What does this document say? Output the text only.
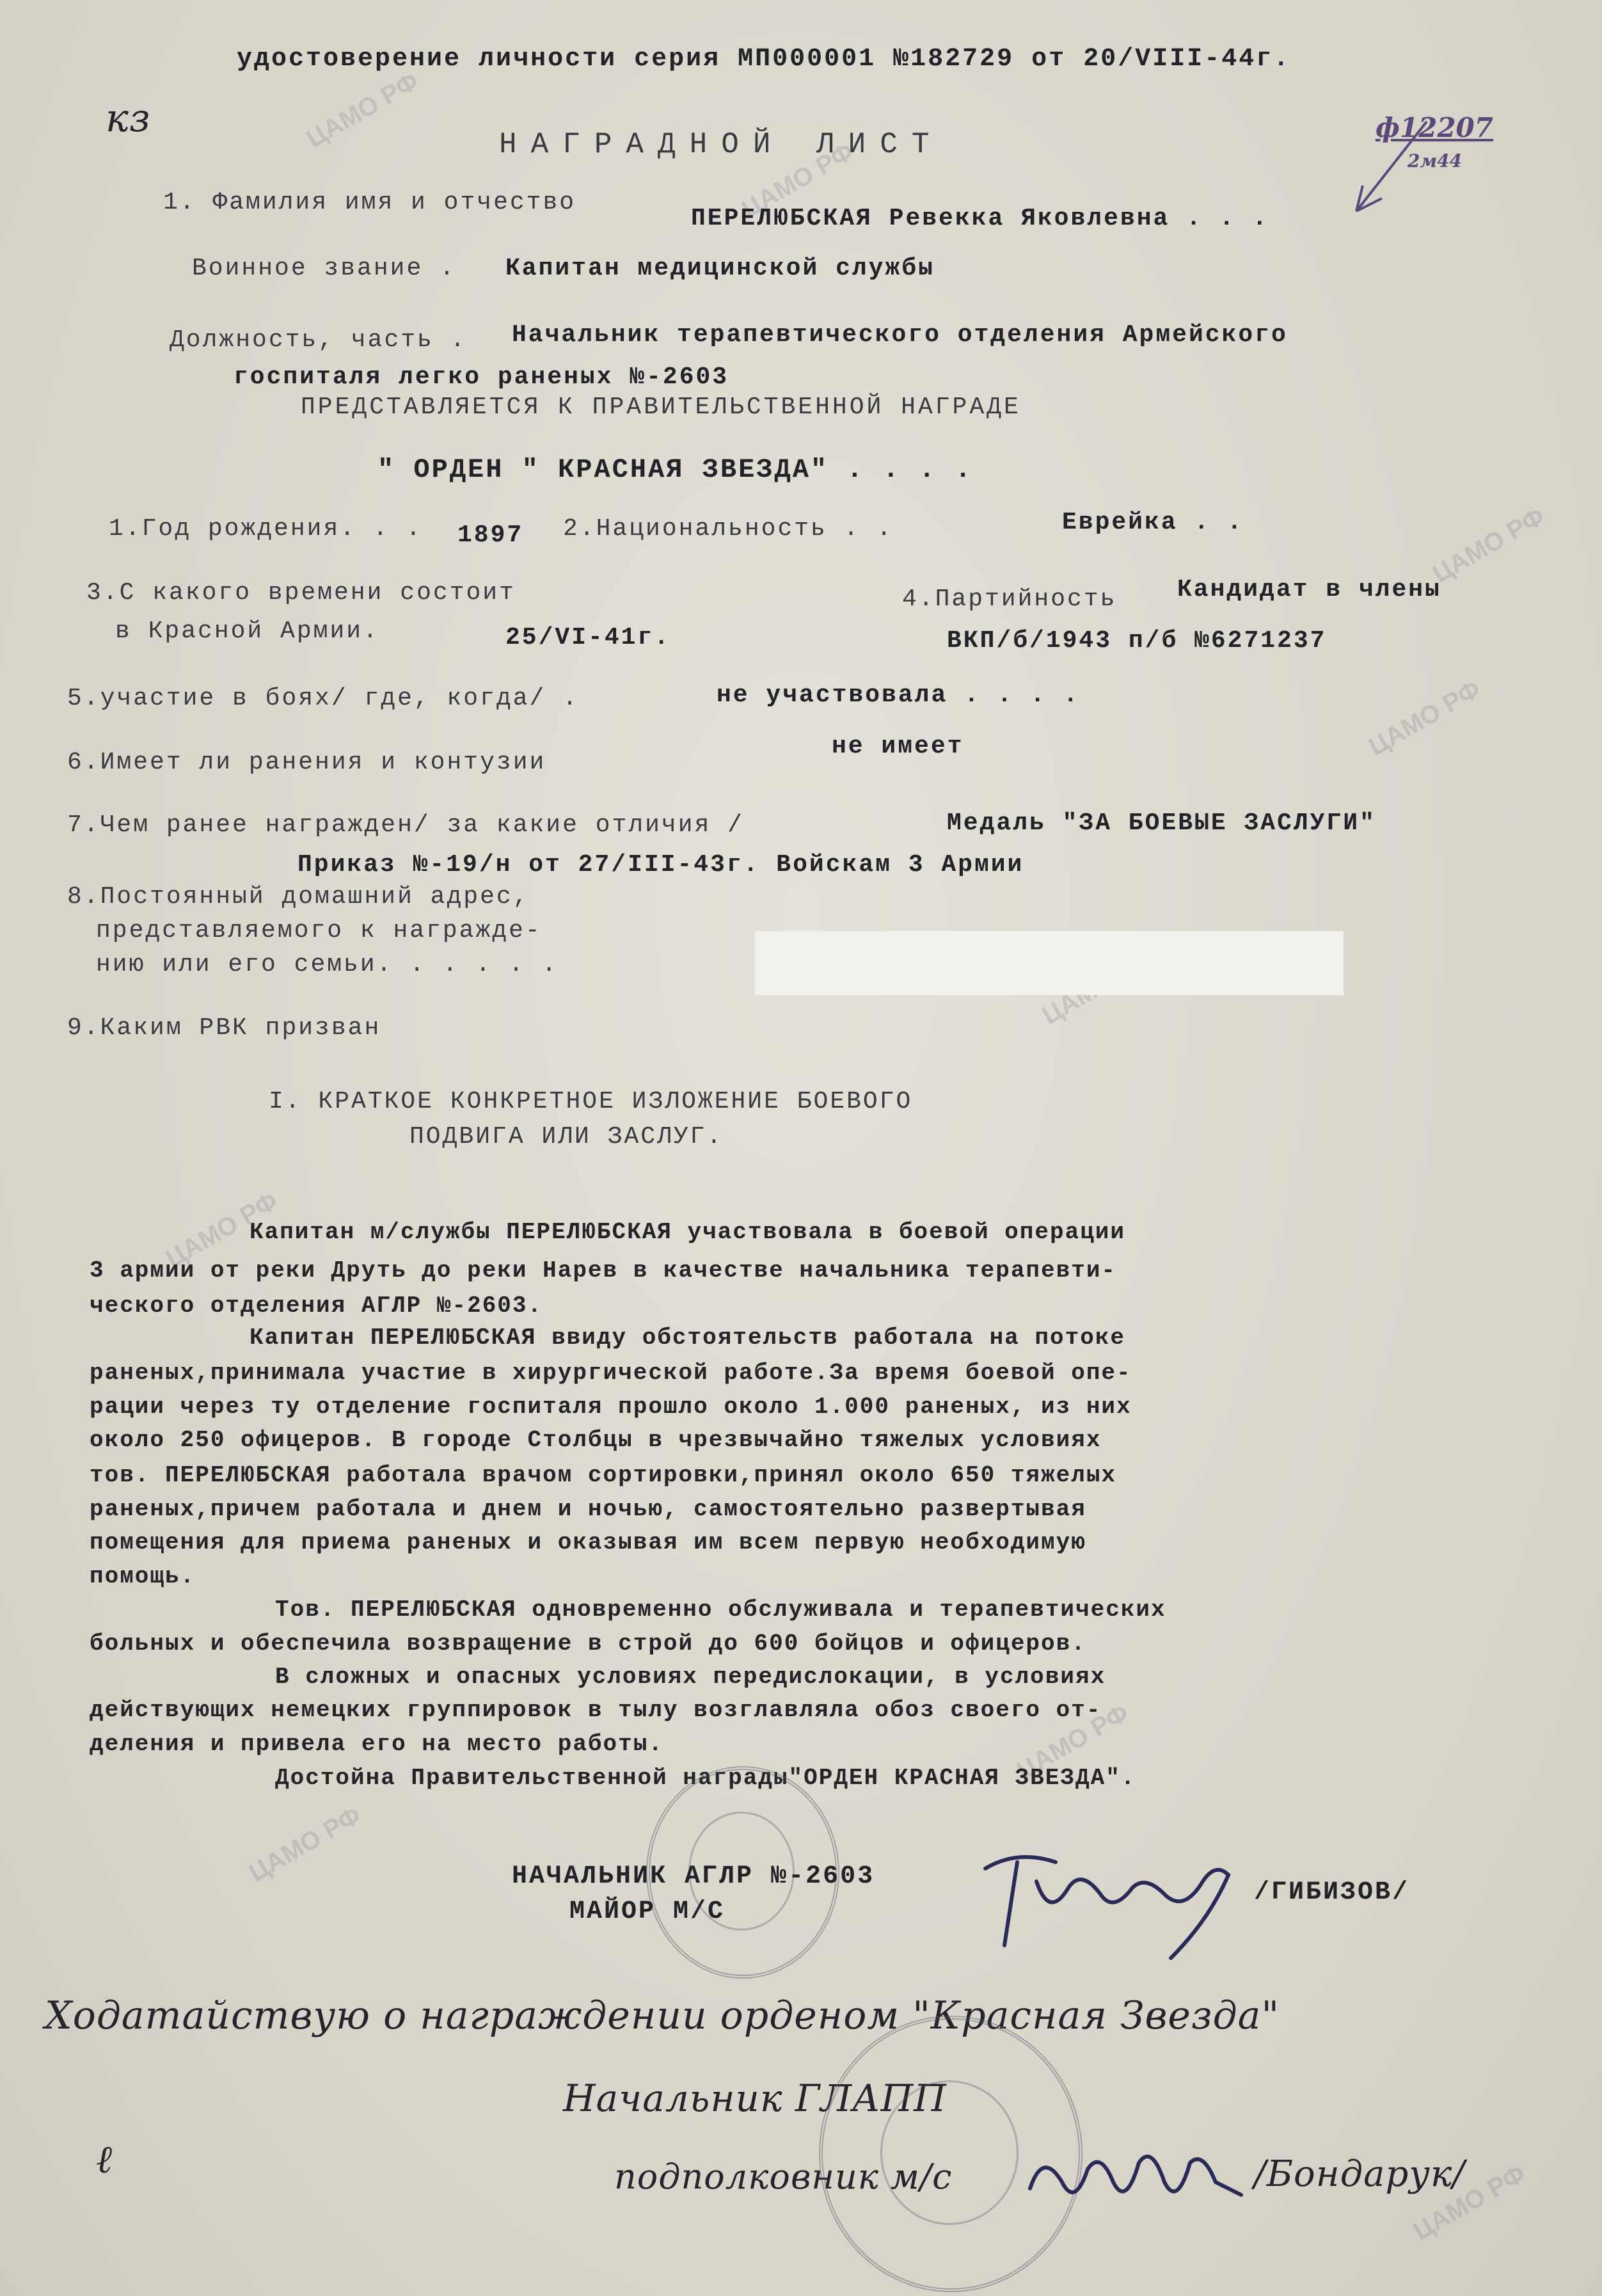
ЦАМО РФ
ЦАМО РФ
ЦАМО РФ
ЦАМО РФ
ЦАМО РФ
ЦАМО РФ
ЦАМО РФ
ЦАМО РФ
удостоверение личности серия МП000001 №182729 от 20/VIII-44г.
кз	ф12207
2м44
НАГРАДНОЙ ЛИСТ
1. Фамилия имя и отчество
ПЕРЕЛЮБСКАЯ Ревекка Яковлевна . . .
Воинное звание . Капитан медицинской службы
Должность, часть . Начальник терапевтического отделения Армейского
госпиталя легко раненых №-2603
ПРЕДСТАВЛЯЕТСЯ К ПРАВИТЕЛЬСТВЕННОЙ НАГРАДЕ
" ОРДЕН " КРАСНАЯ ЗВЕЗДА" . . . .
1.Год рождения. . . 1897 2.Национальность . .	Еврейка . .
3.С какого времени состоит
в Красной Армии.	25/VI-41г.
4.Партийность Кандидат в члены
ВКП/б/1943 п/б №6271237
5.участие в боях/ где, когда/ .	не участвовала . . . .
6.Имеет ли ранения и контузии
не имеет
7.Чем ранее награжден/ за какие отличия /	Медаль "ЗА БОЕВЫЕ ЗАСЛУГИ"
Приказ №-19/н от 27/III-43г. Войскам 3 Армии
8.Постоянный домашний адрес,
представляемого к награжде-
нию или его семьи. . . . . .
9.Каким РВК призван
I. КРАТКОЕ КОНКРЕТНОЕ ИЗЛОЖЕНИЕ БОЕВОГО
ПОДВИГА ИЛИ ЗАСЛУГ.
Капитан м/службы ПЕРЕЛЮБСКАЯ участвовала в боевой операции
3 армии от реки Друть до реки Нарев в качестве начальника терапевти-
ческого отделения АГЛР №-2603.
Капитан ПЕРЕЛЮБСКАЯ ввиду обстоятельств работала на потоке
раненых,принимала участие в хирургической работе.За время боевой опе-
рации через ту отделение госпиталя прошло около 1.000 раненых, из них
около 250 офицеров. В городе Столбцы в чрезвычайно тяжелых условиях
тов. ПЕРЕЛЮБСКАЯ работала врачом сортировки,принял около 650 тяжелых
раненых,причем работала и днем и ночью, самостоятельно развертывая
помещения для приема раненых и оказывая им всем первую необходимую
помощь.
Тов. ПЕРЕЛЮБСКАЯ одновременно обслуживала и терапевтических
больных и обеспечила возвращение в строй до 600 бойцов и офицеров.
В сложных и опасных условиях передислокации, в условиях
действующих немецких группировок в тылу возглавляла обоз своего от-
деления и привела его на место работы.
Достойна Правительственной награды"ОРДЕН КРАСНАЯ ЗВЕЗДА".
НАЧАЛЬНИК АГЛР №-2603
МАЙОР М/С
/ГИБИЗОВ/
Ходатайствую о награждении орденом "Красная Звезда"
Начальник ГЛАПП
подполковник м/с	/Бондарук/
ℓ
